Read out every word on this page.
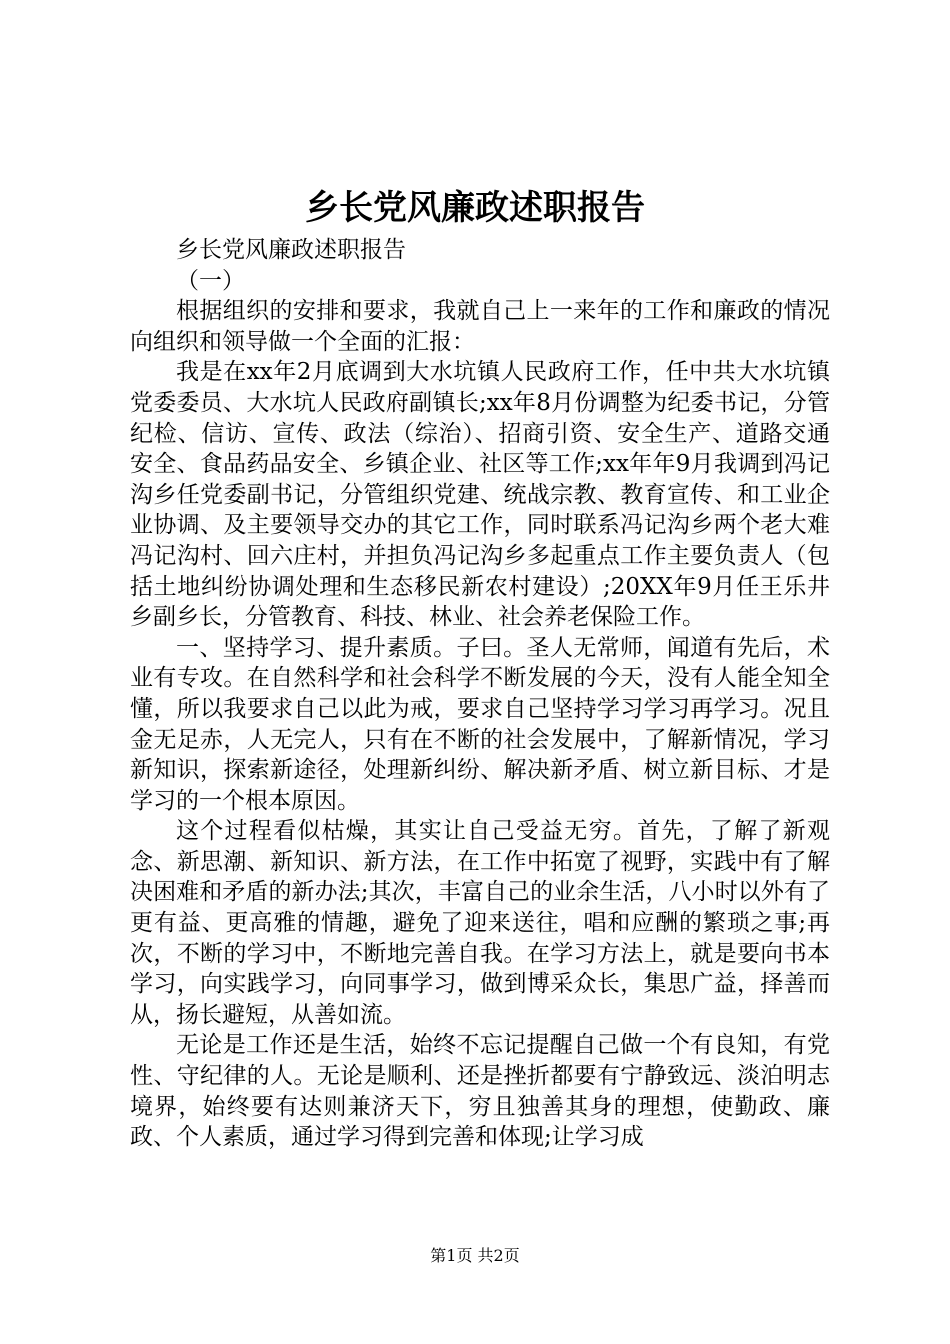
乡长党风廉政述职报告

乡长党风廉政述职报告

（一）

根据组织的安排和要求，我就自己上一来年的工作和廉政的情况向组织和领导做一个全面的汇报：

我是在xx年2月底调到大水坑镇人民政府工作，任中共大水坑镇党委委员、大水坑人民政府副镇长;xx年8月份调整为纪委书记，分管纪检、信访、宣传、政法（综治）、招商引资、安全生产、道路交通安全、食品药品安全、乡镇企业、社区等工作;xx年年9月我调到冯记沟乡任党委副书记，分管组织党建、统战宗教、教育宣传、和工业企业协调、及主要领导交办的其它工作，同时联系冯记沟乡两个老大难冯记沟村、回六庄村，并担负冯记沟乡多起重点工作主要负责人（包括土地纠纷协调处理和生态移民新农村建设）;20XX年9月任王乐井乡副乡长，分管教育、科技、林业、社会养老保险工作。

一、坚持学习、提升素质。子曰。圣人无常师，闻道有先后，术业有专攻。在自然科学和社会科学不断发展的今天，没有人能全知全懂，所以我要求自己以此为戒，要求自己坚持学习学习再学习。况且金无足赤，人无完人，只有在不断的社会发展中，了解新情况，学习新知识，探索新途径，处理新纠纷、解决新矛盾、树立新目标、才是学习的一个根本原因。

这个过程看似枯燥，其实让自己受益无穷。首先，了解了新观念、新思潮、新知识、新方法，在工作中拓宽了视野，实践中有了解决困难和矛盾的新办法;其次，丰富自己的业余生活，八小时以外有了更有益、更高雅的情趣，避免了迎来送往，唱和应酬的繁琐之事;再次，不断的学习中，不断地完善自我。在学习方法上，就是要向书本学习，向实践学习，向同事学习，做到博采众长，集思广益，择善而从，扬长避短，从善如流。

无论是工作还是生活，始终不忘记提醒自己做一个有良知，有党性、守纪律的人。无论是顺利、还是挫折都要有宁静致远、淡泊明志境界，始终要有达则兼济天下，穷且独善其身的理想，使勤政、廉政、个人素质，通过学习得到完善和体现;让学习成

第1页 共2页
